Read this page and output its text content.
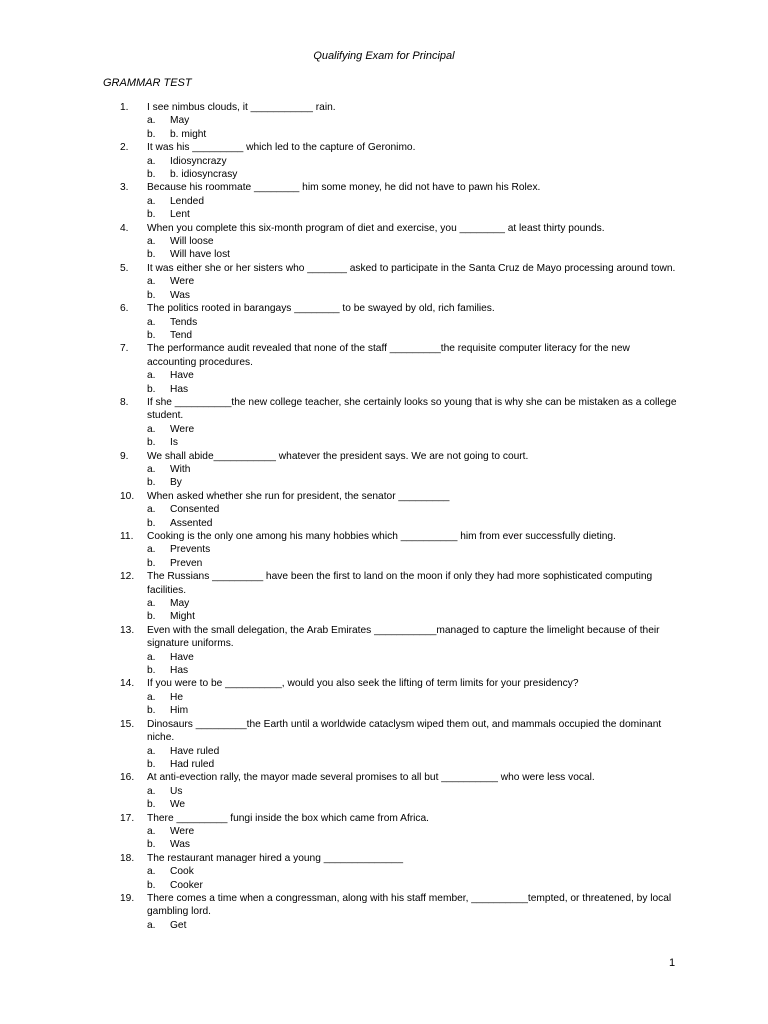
Qualifying Exam for Principal
GRAMMAR TEST
1.	I see nimbus clouds, it ___________ rain.
a. May
b. b. might
2.	It was his _________ which led to the capture of Geronimo.
a. Idiosyncrazy
b. b. idiosyncrasy
3.	Because his roommate ________ him some money, he did not have to pawn his Rolex.
a. Lended
b. Lent
4.	When you complete this six-month program of diet and exercise, you ________ at least thirty pounds.
a. Will loose
b. Will have lost
5.	It was either she or her sisters who _______ asked to participate in the Santa Cruz de Mayo processing around town.
a. Were
b. Was
6.	The politics rooted in barangays ________ to be swayed by old, rich families.
a. Tends
b. Tend
7.	The performance audit revealed that none of the staff _________the requisite computer literacy for the new accounting procedures.
a. Have
b. Has
8.	If she __________the new college teacher, she certainly looks so young that is why she can be mistaken as a college student.
a. Were
b. Is
9.	We shall abide___________ whatever the president says. We are not going to court.
a. With
b. By
10.	When asked whether she run for president, the senator _________
a. Consented
b. Assented
11.	Cooking is the only one among his many hobbies which __________ him from ever successfully dieting.
a. Prevents
b. Preven
12.	The Russians _________ have been the first to land on the moon if only they had more sophisticated computing facilities.
a. May
b. Might
13.	Even with the small delegation, the Arab Emirates ___________managed to capture the limelight because of their signature uniforms.
a. Have
b. Has
14.	If you were to be __________, would you also seek the lifting of term limits for your presidency?
a. He
b. Him
15.	Dinosaurs _________the Earth until a worldwide cataclysm wiped them out, and mammals occupied the dominant niche.
a. Have ruled
b. Had ruled
16.	At anti-evection rally, the mayor made several promises to all but __________ who were less vocal.
a. Us
b. We
17.	There _________ fungi inside the box which came from Africa.
a. Were
b. Was
18.	The restaurant manager hired a young ______________
a. Cook
b. Cooker
19.	There comes a time when a congressman, along with his staff member, __________tempted, or threatened, by local gambling lord.
a. Get
1
